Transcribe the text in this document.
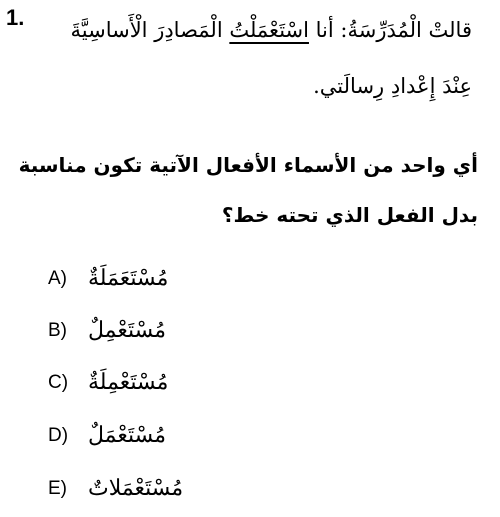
1.	قالتْ الْمُدَرِّسَةُ: أنا اسْتَعْمَلْتُ الْمَصادِرَ الْأَساسِيَّةَ عِنْدَ إِعْدادِ رِسالَتي.
أي واحد من الأسماء الأفعال الآتية تكون مناسبة بدل الفعل الذي تحته خط؟
A) مُسْتَعَمَلَةٌ
B) مُسْتَعْمِلٌ
C) مُسْتَعْمِلَةٌ
D) مُسْتَعْمَلٌ
E) مُسْتَعْمَلاتٌ
